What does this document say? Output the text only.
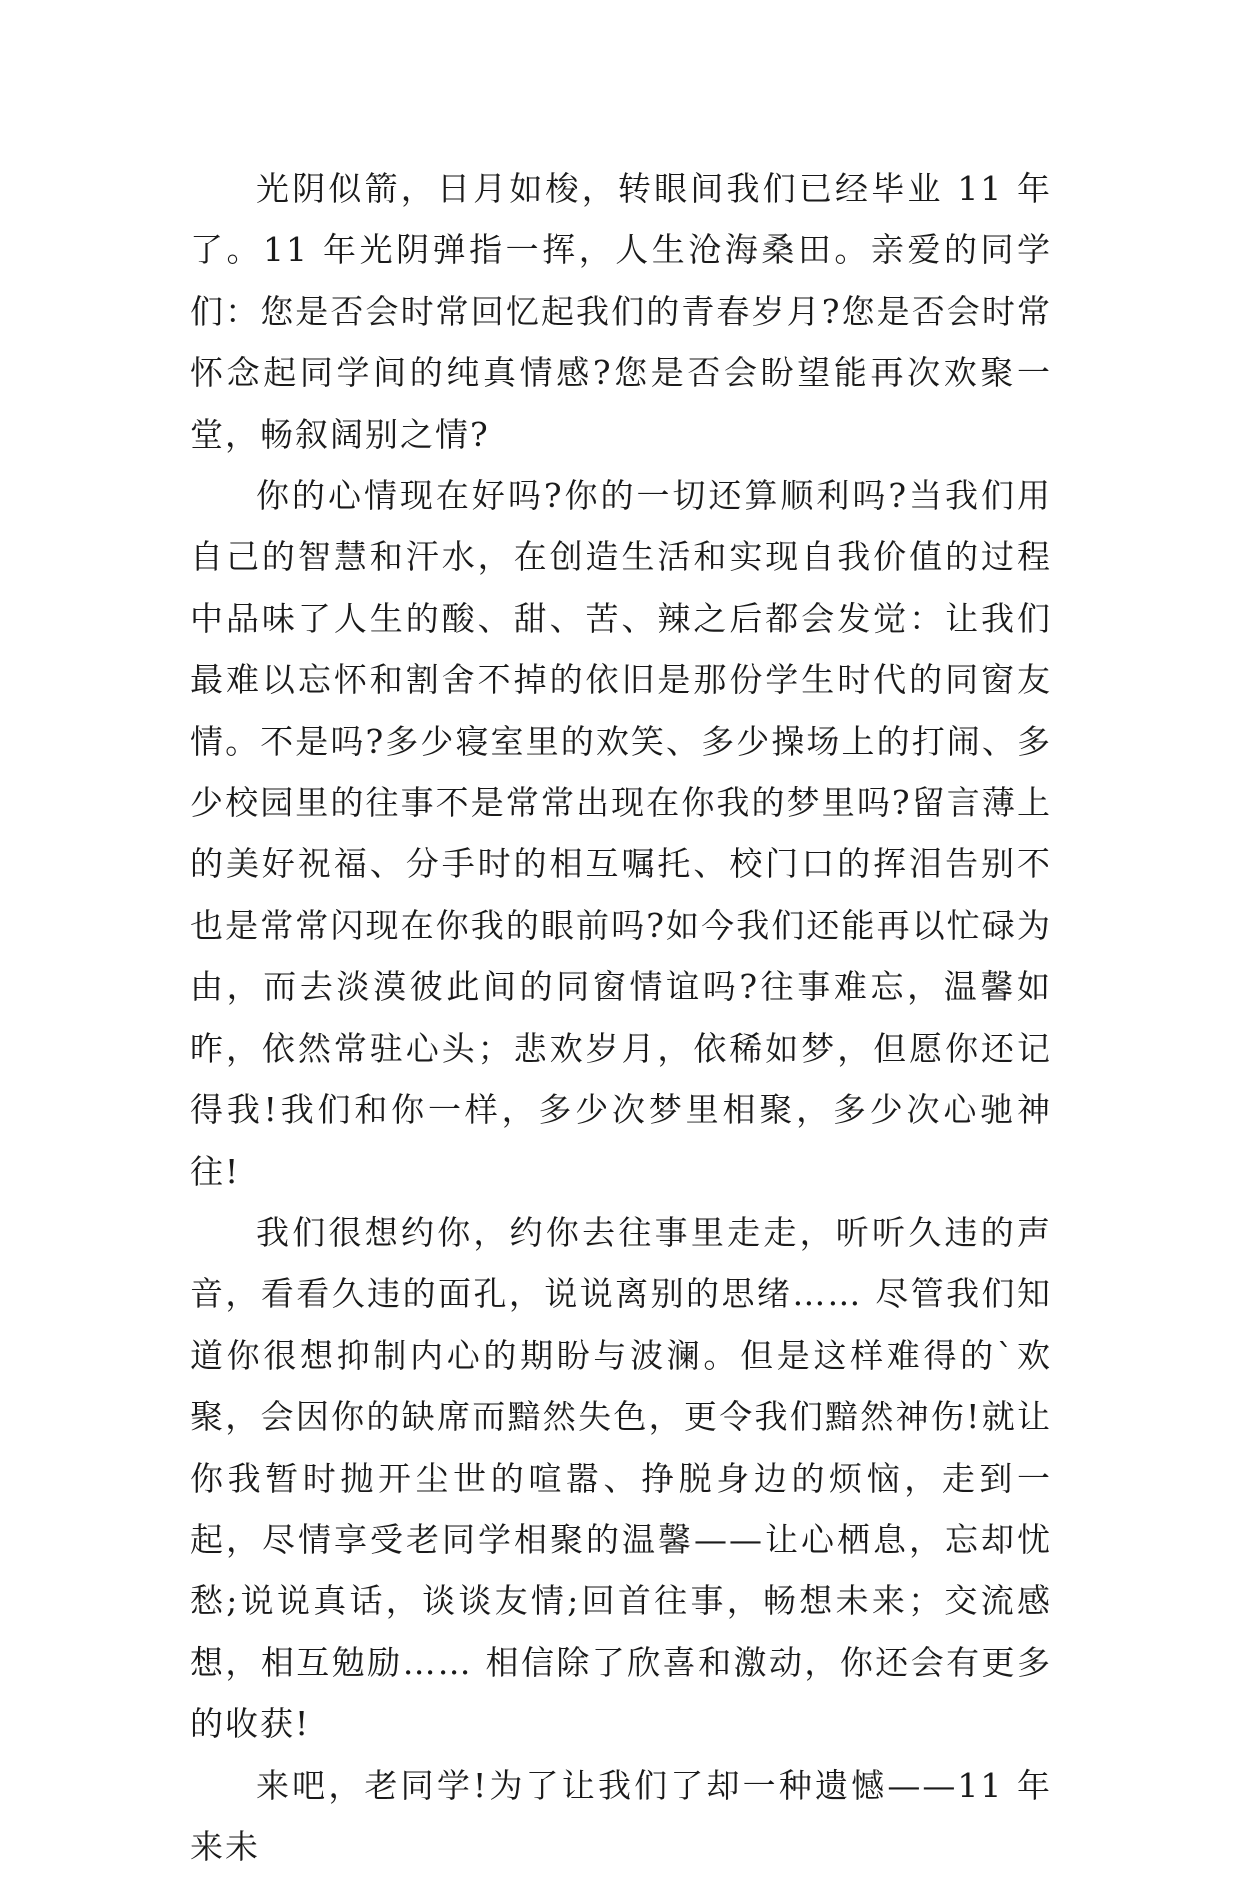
光阴似箭，日月如梭，转眼间我们已经毕业 11 年了。11 年光阴弹指一挥，人生沧海桑田。亲爱的同学们：您是否会时常回忆起我们的青春岁月?您是否会时常怀念起同学间的纯真情感?您是否会盼望能再次欢聚一堂，畅叙阔别之情?

你的心情现在好吗?你的一切还算顺利吗?当我们用自己的智慧和汗水，在创造生活和实现自我价值的过程中品味了人生的酸、甜、苦、辣之后都会发觉：让我们最难以忘怀和割舍不掉的依旧是那份学生时代的同窗友情。不是吗?多少寝室里的欢笑、多少操场上的打闹、多少校园里的往事不是常常出现在你我的梦里吗?留言薄上的美好祝福、分手时的相互嘱托、校门口的挥泪告别不也是常常闪现在你我的眼前吗?如今我们还能再以忙碌为由，而去淡漠彼此间的同窗情谊吗?往事难忘，温馨如昨，依然常驻心头；悲欢岁月，依稀如梦，但愿你还记得我!我们和你一样，多少次梦里相聚，多少次心驰神往!

我们很想约你，约你去往事里走走，听听久违的声音，看看久违的面孔，说说离别的思绪…… 尽管我们知道你很想抑制内心的期盼与波澜。但是这样难得的`欢聚，会因你的缺席而黯然失色，更令我们黯然神伤!就让你我暂时抛开尘世的喧嚣、挣脱身边的烦恼，走到一起，尽情享受老同学相聚的温馨——让心栖息，忘却忧愁;说说真话，谈谈友情;回首往事，畅想未来；交流感想，相互勉励…… 相信除了欣喜和激动，你还会有更多的收获!

来吧，老同学!为了让我们了却一种遗憾——11 年来未
